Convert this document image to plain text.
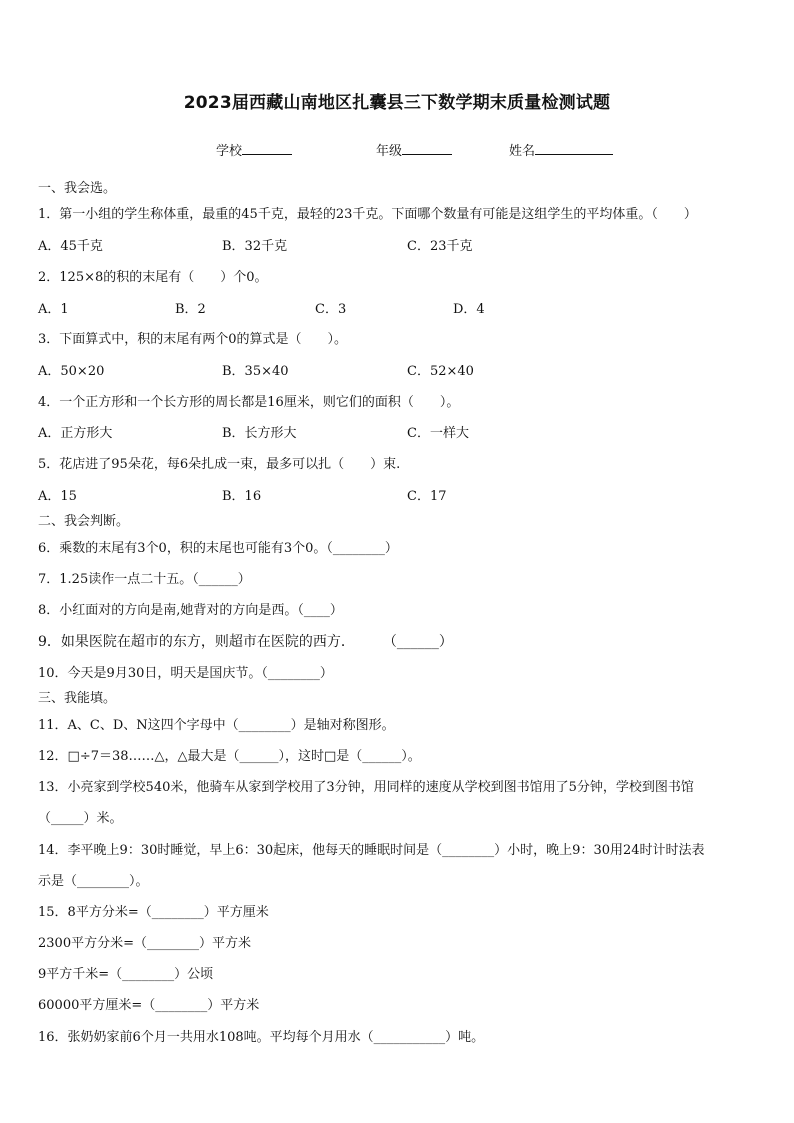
2023届西藏山南地区扎囊县三下数学期末质量检测试题
学校	年级	姓名
一、我会选。
1．第一小组的学生称体重，最重的45千克，最轻的23千克。下面哪个数量有可能是这组学生的平均体重。（　　）
A．45千克	B．32千克	C．23千克
2．125×8的积的末尾有（　　）个0。
A．1	B．2	C．3	D．4
3．下面算式中，积的末尾有两个0的算式是（　　）。
A．50×20	B．35×40	C．52×40
4．一个正方形和一个长方形的周长都是16厘米，则它们的面积（　　）。
A．正方形大	B．长方形大	C．一样大
5．花店进了95朵花，每6朵扎成一束，最多可以扎（　　）束.
A．15	B．16	C．17
二、我会判断。
6．乘数的末尾有3个0，积的末尾也可能有3个0。（________）
7．1.25读作一点二十五。（______）
8．小红面对的方向是南,她背对的方向是西。（____）
9．如果医院在超市的东方，则超市在医院的西方．　　　（______）
10．今天是9月30日，明天是国庆节。（________）
三、我能填。
11．A、C、D、N这四个字母中（________）是轴对称图形。
12．□÷7＝38……△，△最大是（______），这时□是（______）。
13．小亮家到学校540米，他骑车从家到学校用了3分钟，用同样的速度从学校到图书馆用了5分钟，学校到图书馆
（_____）米。
14．李平晚上9：30时睡觉，早上6：30起床，他每天的睡眠时间是（________）小时，晚上9：30用24时计时法表
示是（________）。
15．8平方分米=（________）平方厘米
2300平方分米=（________）平方米
9平方千米=（________）公顷
60000平方厘米=（________）平方米
16．张奶奶家前6个月一共用水108吨。平均每个月用水（___________）吨。
